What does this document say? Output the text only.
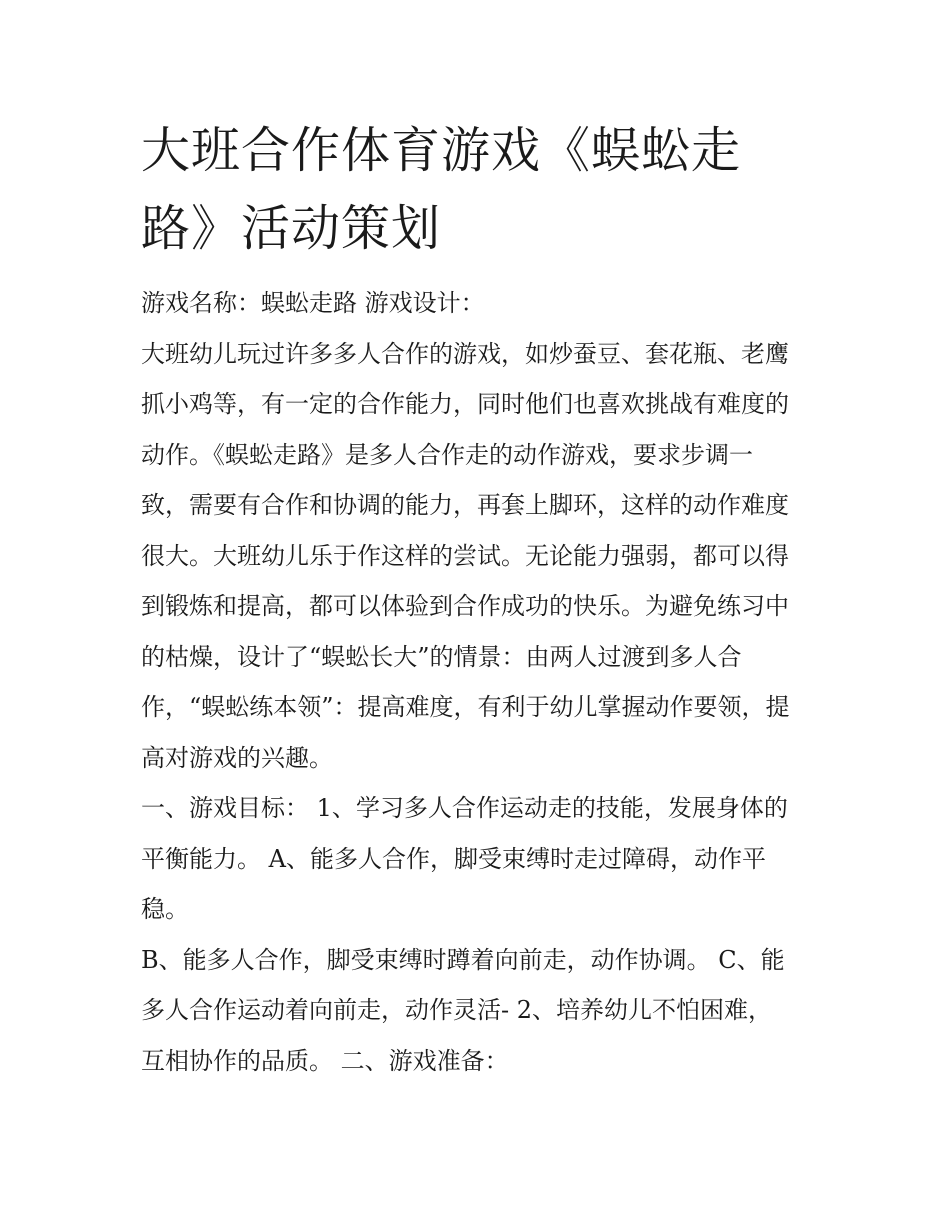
大班合作体育游戏《蜈蚣走
路》活动策划
游戏名称：蜈蚣走路 游戏设计：
大班幼儿玩过许多多人合作的游戏，如炒蚕豆、套花瓶、老鹰
抓小鸡等，有一定的合作能力，同时他们也喜欢挑战有难度的
动作。《蜈蚣走路》是多人合作走的动作游戏，要求步调一
致，需要有合作和协调的能力，再套上脚环，这样的动作难度
很大。大班幼儿乐于作这样的尝试。无论能力强弱，都可以得
到锻炼和提高，都可以体验到合作成功的快乐。为避免练习中
的枯燥，设计了“蜈蚣长大”的情景：由两人过渡到多人合
作，“蜈蚣练本领”：提高难度，有利于幼儿掌握动作要领，提
高对游戏的兴趣。
一、游戏目标： 1、学习多人合作运动走的技能，发展身体的
平衡能力。 A、能多人合作，脚受束缚时走过障碍，动作平
稳。
B、能多人合作，脚受束缚时蹲着向前走，动作协调。 C、能
多人合作运动着向前走，动作灵活- 2、培养幼儿不怕困难，
互相协作的品质。 二、游戏准备：
